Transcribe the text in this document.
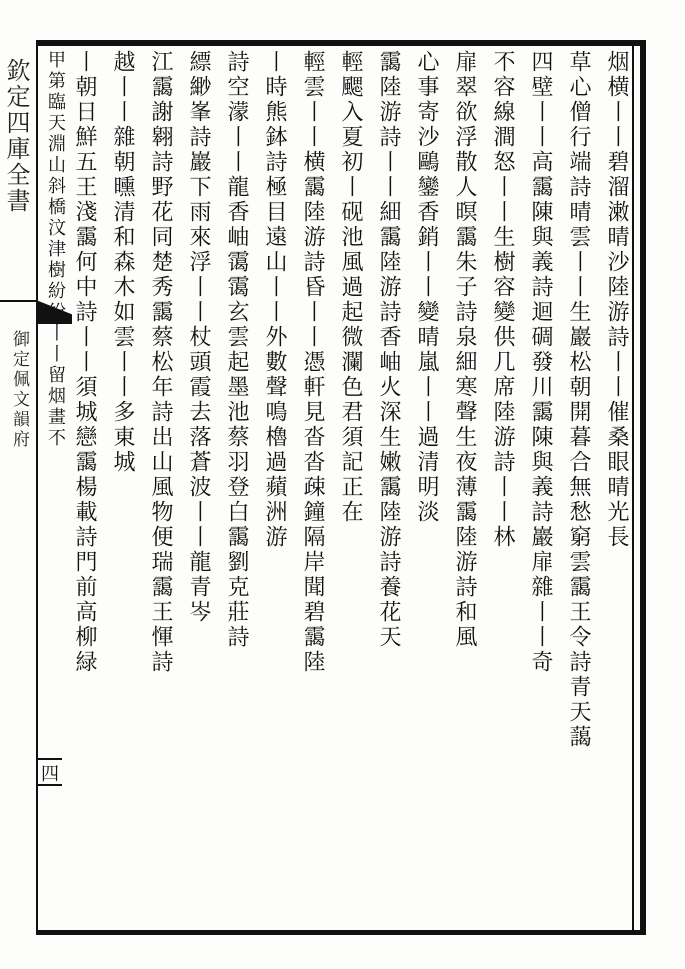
欽定四庫全書
御定佩文韻府
四
烟横丨丨碧溜潄晴沙陸游詩丨丨催桑眼晴光長
草心僧行端詩晴雲丨丨生巖松朝開暮合無愁窮雲靄王令詩青天藹
四壁丨丨高靄陳與義詩迴碉發川靄陳與義詩巖扉雜丨丨奇
不容線澗怒丨丨生樹容變供几席陸游詩丨丨林
扉翠欲浮散人暝靄朱子詩泉細寒聲生夜薄靄陸游詩和風
心事寄沙鷗鑾香銷丨丨變晴嵐丨丨過清明淡
靄陸游詩丨丨細靄陸游詩香岫火深生嫩靄陸游詩養花天
輕颸入夏初丨砚池風過起微瀾色君須記正在
輕雲丨丨横靄陸游詩昏丨丨憑軒見沓沓疎鐘隔岸聞碧靄陸
丨時熊鉢詩極目遠山丨丨外數聲鳴櫓過蘋洲游
詩空濛丨丨龍香岫霭霭玄雲起墨池蔡羽登白靄劉克莊詩
縹緲峯詩巖下雨來浮丨丨杖頭霞去落蒼波丨丨龍青岑
江靄謝翱詩野花同楚秀靄蔡松年詩出山風物便瑞靄王惲詩
越丨丨雜朝曛清和森木如雲丨丨多東城
丨朝日鮮五王淺靄何中詩丨丨須城戀靄楊載詩門前高柳緑
甲第臨天淵山斜橋汶津樹紛紛丨丨留烟畫不
